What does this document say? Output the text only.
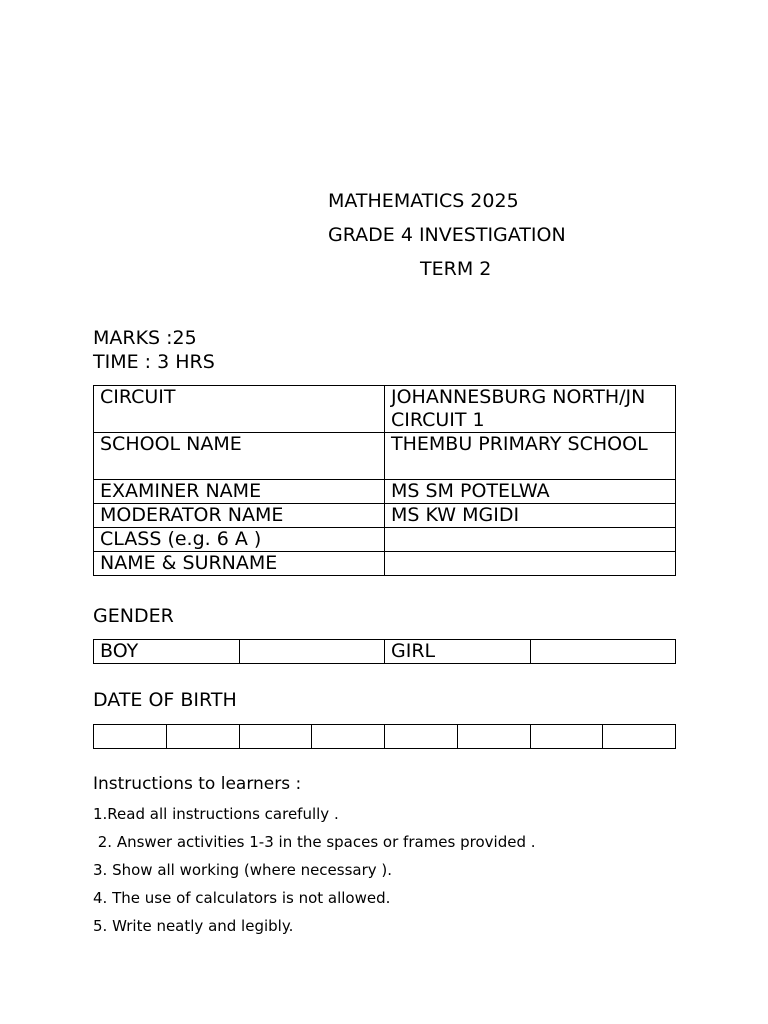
MATHEMATICS 2025
GRADE 4 INVESTIGATION
TERM 2
MARKS :25
TIME : 3 HRS
CIRCUIT	JOHANNESBURG NORTH/JN CIRCUIT 1
SCHOOL NAME	THEMBU PRIMARY SCHOOL
EXAMINER NAME	MS SM POTELWA
MODERATOR NAME	MS KW MGIDI
CLASS (e.g. 6 A )	
NAME & SURNAME	
GENDER
BOY		GIRL	
DATE OF BIRTH

Instructions to learners :
1.Read all instructions carefully .
2. Answer activities 1-3 in the spaces or frames provided .
3. Show all working (where necessary ).
4. The use of calculators is not allowed.
5. Write neatly and legibly.
